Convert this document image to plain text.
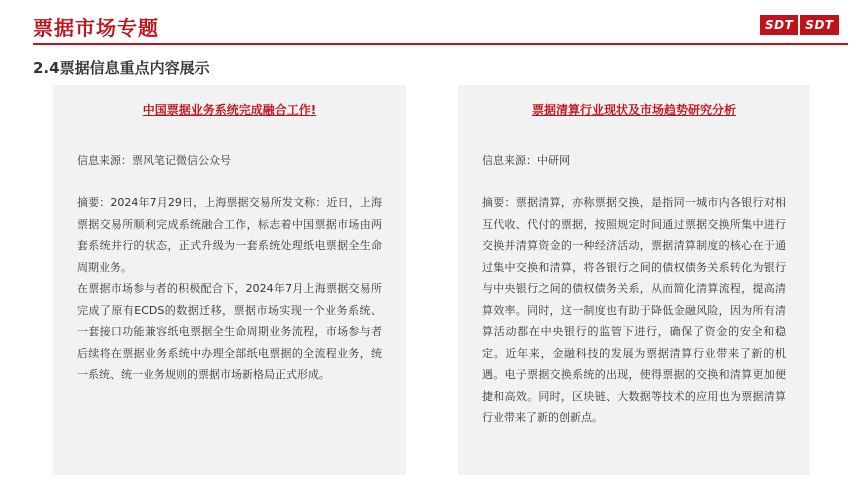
票据市场专题
2.4票据信息重点内容展示
SDT	SDT
中国票据业务系统完成融合工作!
信息来源：票风笔记微信公众号

摘要：2024年7月29日，上海票据交易所发文称：近日，上海票据交易所顺利完成系统融合工作，标志着中国票据市场由两套系统并行的状态，正式升级为一套系统处理纸电票据全生命周期业务。

在票据市场参与者的积极配合下，2024年7月上海票据交易所完成了原有ECDS的数据迁移，票据市场实现一个业务系统、一套接口功能兼容纸电票据全生命周期业务流程，市场参与者后续将在票据业务系统中办理全部纸电票据的全流程业务，统一系统、统一业务规则的票据市场新格局正式形成。

票据清算行业现状及市场趋势研究分析
信息来源：中研网

摘要：票据清算，亦称票据交换，是指同一城市内各银行对相互代收、代付的票据，按照规定时间通过票据交换所集中进行交换并清算资金的一种经济活动，票据清算制度的核心在于通过集中交换和清算，将各银行之间的债权债务关系转化为银行与中央银行之间的债权债务关系，从而简化清算流程，提高清算效率。同时，这一制度也有助于降低金融风险，因为所有清算活动都在中央银行的监管下进行，确保了资金的安全和稳定。近年来，金融科技的发展为票据清算行业带来了新的机遇。电子票据交换系统的出现，使得票据的交换和清算更加便捷和高效。同时，区块链、大数据等技术的应用也为票据清算行业带来了新的创新点。
